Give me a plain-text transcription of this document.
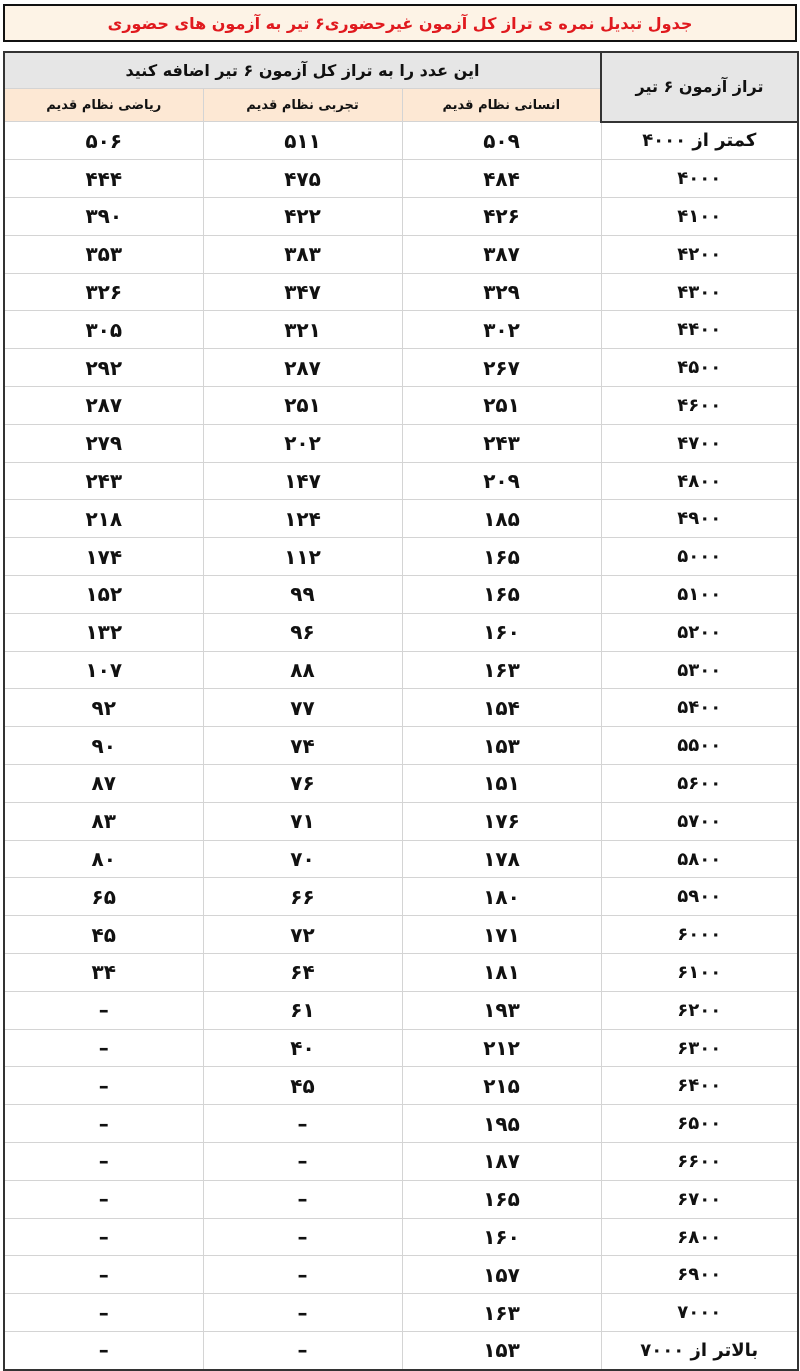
جدول تبدیل نمره ی تراز کل آزمون غیرحضوری۶ تیر به آزمون های حضوری
تراز آزمون ۶ تیر	این عدد را به تراز کل آزمون ۶ تیر اضافه کنید		
	انسانی نظام قدیم	تجربی نظام قدیم	ریاضی نظام قدیم
کمتر از ۴۰۰۰	۵۰۹	۵۱۱	۵۰۶
۴۰۰۰	۴۸۴	۴۷۵	۴۴۴
۴۱۰۰	۴۲۶	۴۲۲	۳۹۰
۴۲۰۰	۳۸۷	۳۸۳	۳۵۳
۴۳۰۰	۳۲۹	۳۴۷	۳۲۶
۴۴۰۰	۳۰۲	۳۲۱	۳۰۵
۴۵۰۰	۲۶۷	۲۸۷	۲۹۲
۴۶۰۰	۲۵۱	۲۵۱	۲۸۷
۴۷۰۰	۲۴۳	۲۰۲	۲۷۹
۴۸۰۰	۲۰۹	۱۴۷	۲۴۳
۴۹۰۰	۱۸۵	۱۲۴	۲۱۸
۵۰۰۰	۱۶۵	۱۱۲	۱۷۴
۵۱۰۰	۱۶۵	۹۹	۱۵۲
۵۲۰۰	۱۶۰	۹۶	۱۳۲
۵۳۰۰	۱۶۳	۸۸	۱۰۷
۵۴۰۰	۱۵۴	۷۷	۹۲
۵۵۰۰	۱۵۳	۷۴	۹۰
۵۶۰۰	۱۵۱	۷۶	۸۷
۵۷۰۰	۱۷۶	۷۱	۸۳
۵۸۰۰	۱۷۸	۷۰	۸۰
۵۹۰۰	۱۸۰	۶۶	۶۵
۶۰۰۰	۱۷۱	۷۲	۴۵
۶۱۰۰	۱۸۱	۶۴	۳۴
۶۲۰۰	۱۹۳	۶۱	–
۶۳۰۰	۲۱۲	۴۰	–
۶۴۰۰	۲۱۵	۴۵	–
۶۵۰۰	۱۹۵	–	–
۶۶۰۰	۱۸۷	–	–
۶۷۰۰	۱۶۵	–	–
۶۸۰۰	۱۶۰	–	–
۶۹۰۰	۱۵۷	–	–
۷۰۰۰	۱۶۳	–	–
بالاتر از ۷۰۰۰	۱۵۳	–	–
